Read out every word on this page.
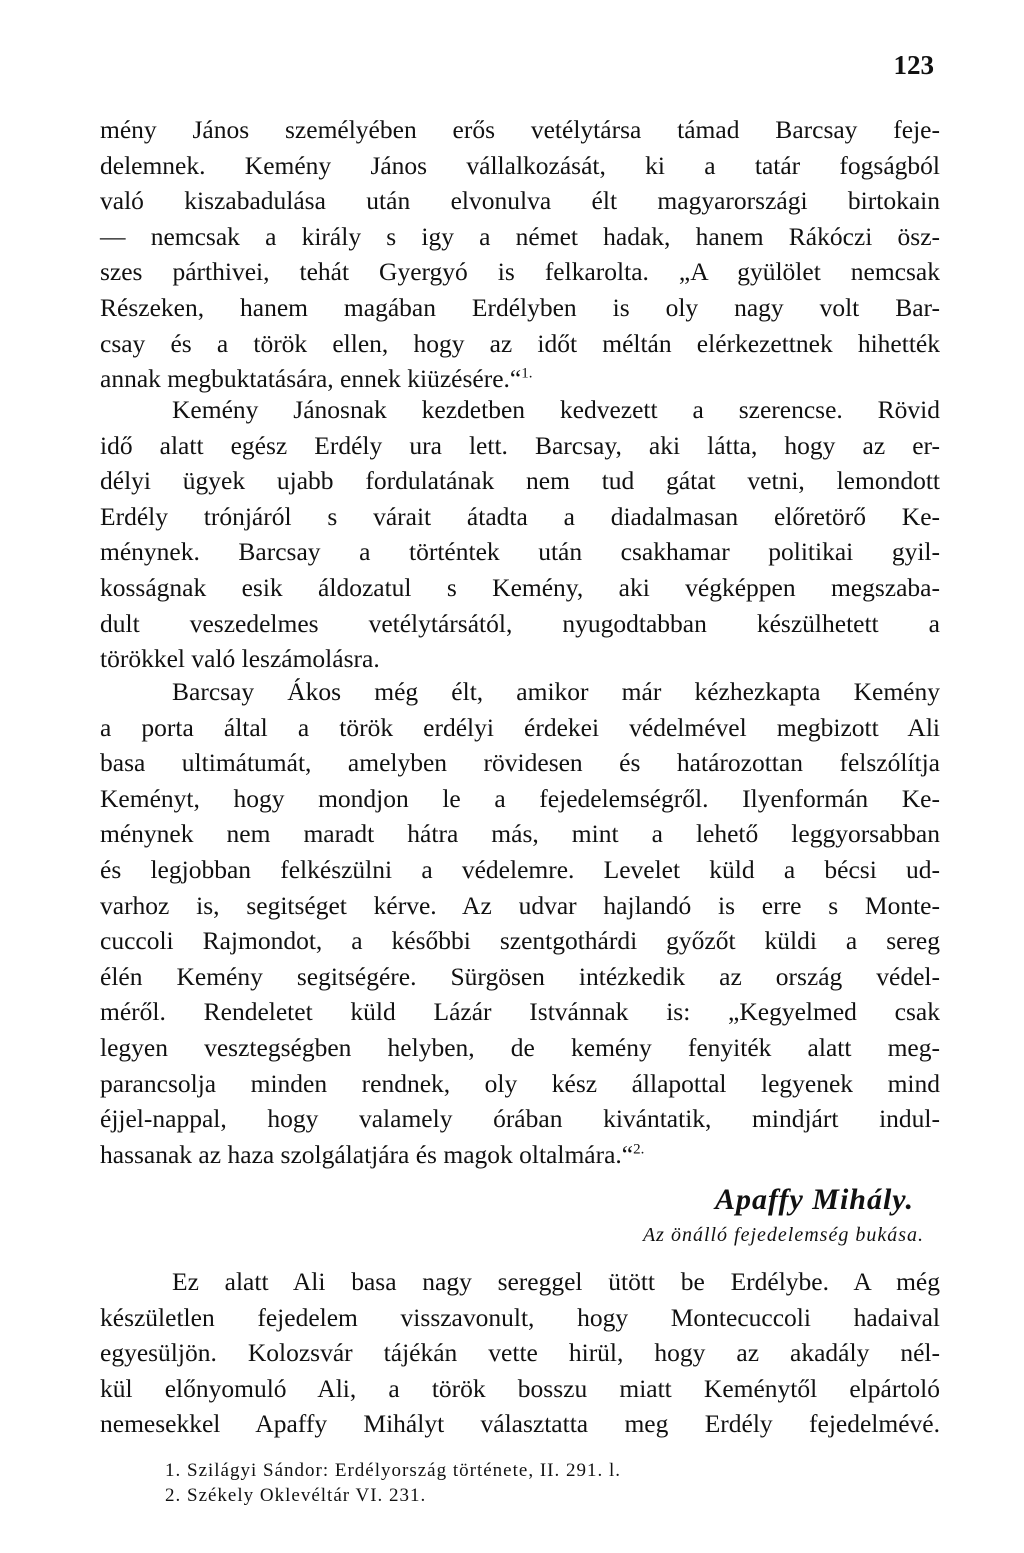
123
mény János személyében erős vetélytársa támad Barcsay feje-
delemnek. Kemény János vállalkozását, ki a tatár fogságból
való kiszabadulása után elvonulva élt magyarországi birtokain
— nemcsak a király s igy a német hadak, hanem Rákóczi ösz-
szes párthivei, tehát Gyergyó is felkarolta. „A gyülölet nemcsak
Részeken, hanem magában Erdélyben is oly nagy volt Bar-
csay és a török ellen, hogy az időt méltán elérkezettnek hihették
annak megbuktatására, ennek kiüzésére.“$^{1.}$
Kemény Jánosnak kezdetben kedvezett a szerencse. Rövid
idő alatt egész Erdély ura lett. Barcsay, aki látta, hogy az er-
délyi ügyek ujabb fordulatának nem tud gátat vetni, lemondott
Erdély trónjáról s várait átadta a diadalmasan előretörő Ke-
ménynek. Barcsay a történtek után csakhamar politikai gyil-
kosságnak esik áldozatul s Kemény, aki végképpen megszaba-
dult veszedelmes vetélytársától, nyugodtabban készülhetett a
törökkel való leszámolásra.
Barcsay Ákos még élt, amikor már kézhezkapta Kemény
a porta által a török erdélyi érdekei védelmével megbizott Ali
basa ultimátumát, amelyben rövidesen és határozottan felszólítja
Keményt, hogy mondjon le a fejedelemségről. Ilyenformán Ke-
ménynek nem maradt hátra más, mint a lehető leggyorsabban
és legjobban felkészülni a védelemre. Levelet küld a bécsi ud-
varhoz is, segitséget kérve. Az udvar hajlandó is erre s Monte-
cuccoli Rajmondot, a későbbi szentgothárdi győzőt küldi a sereg
élén Kemény segitségére. Sürgösen intézkedik az ország védel-
méről. Rendeletet küld Lázár Istvánnak is: „Kegyelmed csak
legyen vesztegségben helyben, de kemény fenyiték alatt meg-
parancsolja minden rendnek, oly kész állapottal legyenek mind
éjjel-nappal, hogy valamely órában kivántatik, mindjárt indul-
hassanak az haza szolgálatjára és magok oltalmára.“$^{2.}$
Apaffy Mihály.
Az önálló fejedelemség bukása.
Ez alatt Ali basa nagy sereggel ütött be Erdélybe. A még
készületlen fejedelem visszavonult, hogy Montecuccoli hadaival
egyesüljön. Kolozsvár tájékán vette hirül, hogy az akadály nél-
kül előnyomuló Ali, a török bosszu miatt Keménytől elpártoló
nemesekkel Apaffy Mihályt választatta meg Erdély fejedelmévé.
1. Szilágyi Sándor: Erdélyország története, II. 291. l.
2. Székely Oklevéltár VI. 231.
